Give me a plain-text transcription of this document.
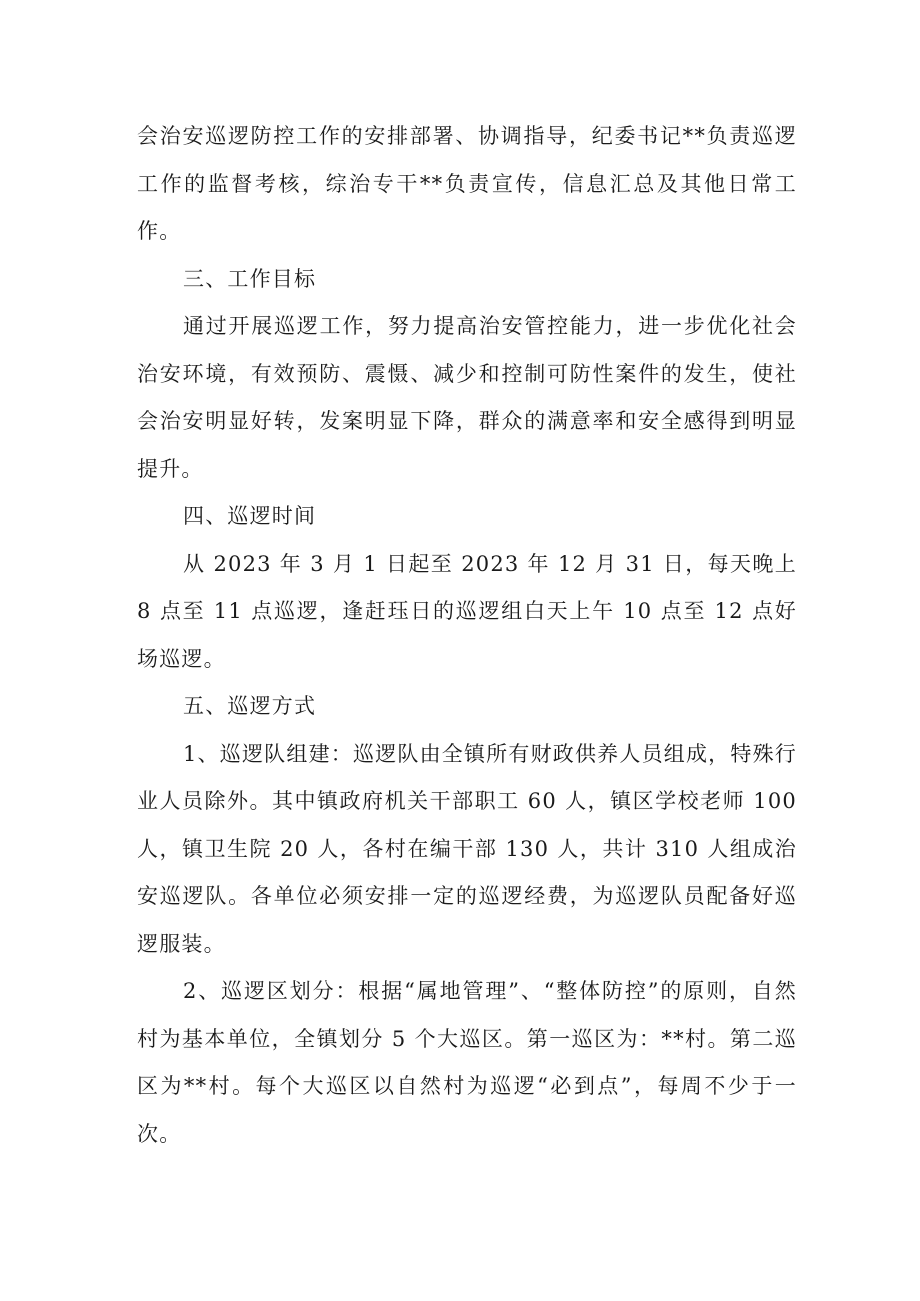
会治安巡逻防控工作的安排部署、协调指导，纪委书记**负责巡逻工作的监督考核，综治专干**负责宣传，信息汇总及其他日常工作。

三、工作目标

通过开展巡逻工作，努力提高治安管控能力，进一步优化社会治安环境，有效预防、震慑、减少和控制可防性案件的发生，使社会治安明显好转，发案明显下降，群众的满意率和安全感得到明显提升。

四、巡逻时间

从 2023 年 3 月 1 日起至 2023 年 12 月 31 日，每天晚上 8 点至 11 点巡逻，逢赶珏日的巡逻组白天上午 10 点至 12 点好场巡逻。

五、巡逻方式

1、巡逻队组建：巡逻队由全镇所有财政供养人员组成，特殊行业人员除外。其中镇政府机关干部职工 60 人，镇区学校老师 100 人，镇卫生院 20 人，各村在编干部 130 人，共计 310 人组成治安巡逻队。各单位必须安排一定的巡逻经费，为巡逻队员配备好巡逻服装。

2、巡逻区划分：根据“属地管理”、“整体防控”的原则，自然村为基本单位，全镇划分 5 个大巡区。第一巡区为：**村。第二巡区为**村。每个大巡区以自然村为巡逻“必到点”，每周不少于一次。
